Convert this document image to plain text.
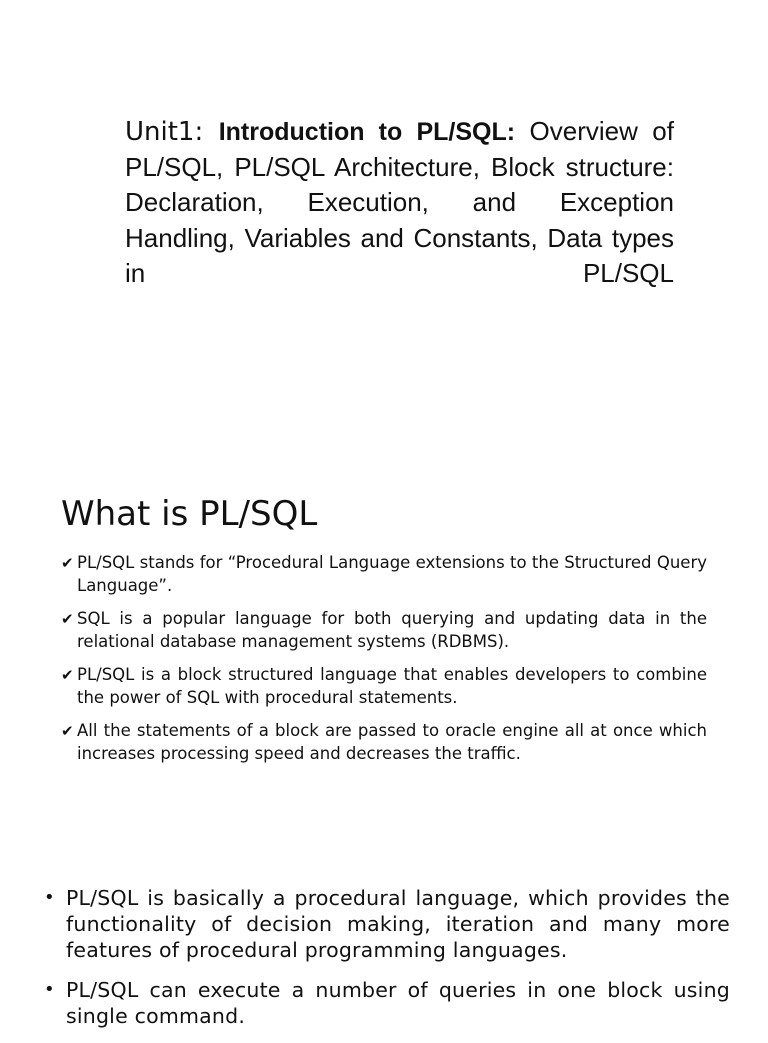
Unit1: Introduction to PL/SQL: Overview of PL/SQL, PL/SQL Architecture, Block structure: Declaration, Execution, and Exception Handling, Variables and Constants, Data types in PL/SQL

What is PL/SQL
✔ PL/SQL stands for “Procedural Language extensions to the Structured Query Language”.
✔ SQL is a popular language for both querying and updating data in the relational database management systems (RDBMS).
✔ PL/SQL is a block structured language that enables developers to combine the power of SQL with procedural statements.
✔ All the statements of a block are passed to oracle engine all at once which increases processing speed and decreases the traffic.
• PL/SQL is basically a procedural language, which provides the functionality of decision making, iteration and many more features of procedural programming languages.
• PL/SQL can execute a number of queries in one block using single command.
